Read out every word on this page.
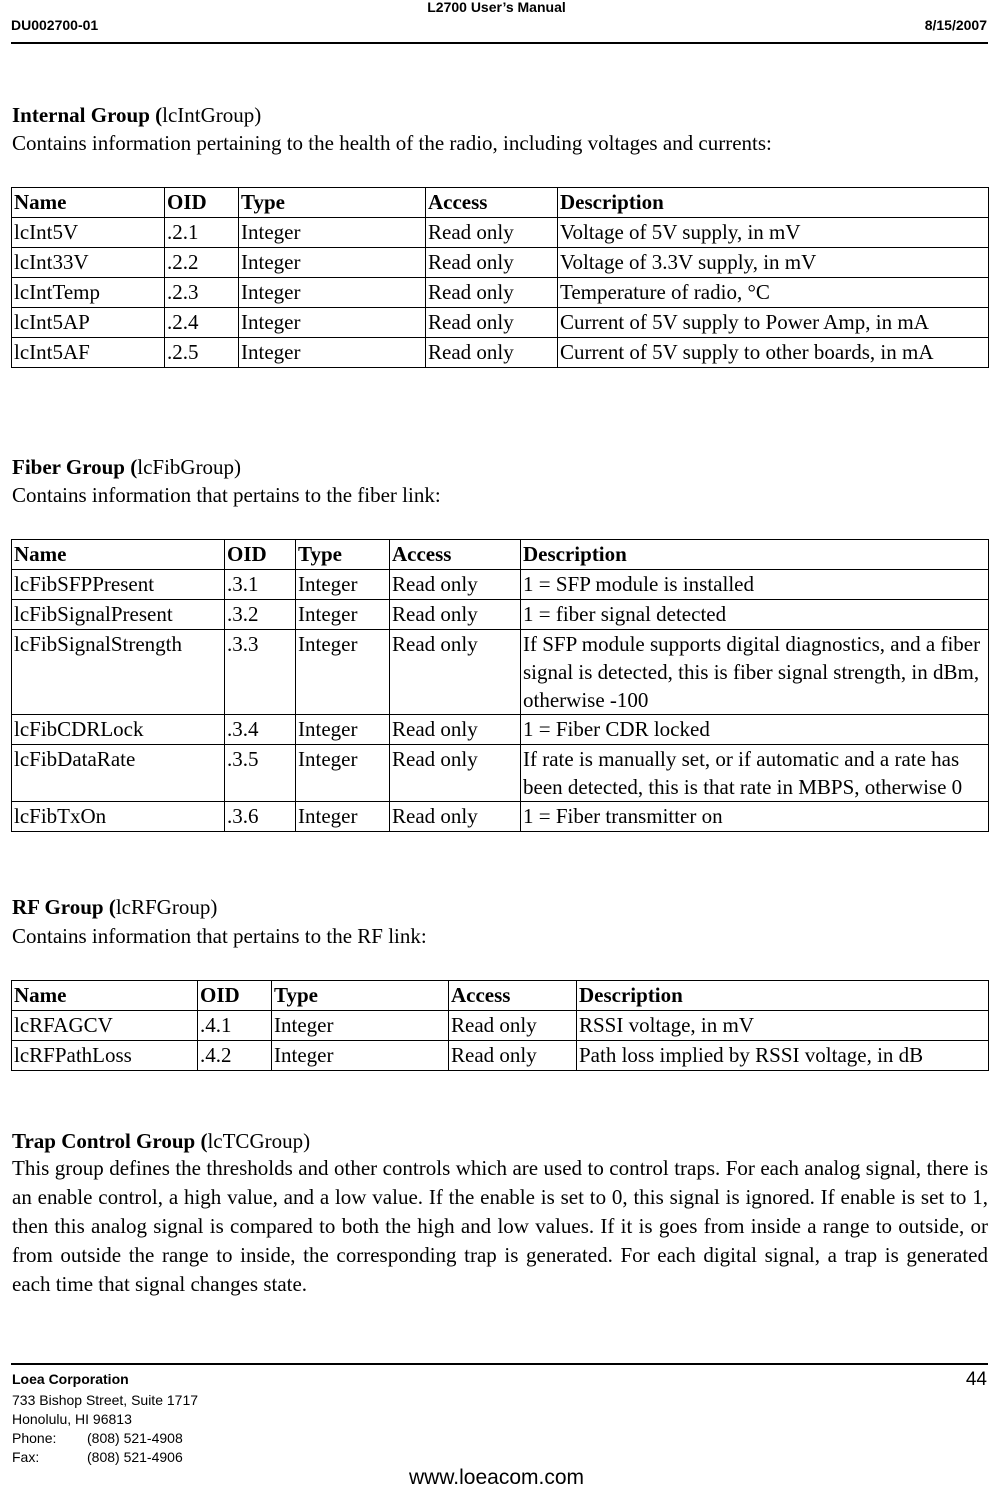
DU002700-01
L2700 User’s Manual
8/15/2007
Internal Group (lcIntGroup)
Contains information pertaining to the health of the radio, including voltages and currents:
Name	OID	Type	Access	Description
lcInt5V	.2.1	Integer	Read only	Voltage of 5V supply, in mV
lcInt33V	.2.2	Integer	Read only	Voltage of 3.3V supply, in mV
lcIntTemp	.2.3	Integer	Read only	Temperature of radio, °C
lcInt5AP	.2.4	Integer	Read only	Current of 5V supply to Power Amp, in mA
lcInt5AF	.2.5	Integer	Read only	Current of 5V supply to other boards, in mA
Fiber Group (lcFibGroup)
Contains information that pertains to the fiber link:
Name	OID	Type	Access	Description
lcFibSFPPresent	.3.1	Integer	Read only	1 = SFP module is installed
lcFibSignalPresent	.3.2	Integer	Read only	1 = fiber signal detected
lcFibSignalStrength	.3.3	Integer	Read only	If SFP module supports digital diagnostics, and a fiber signal is detected, this is fiber signal strength, in dBm, otherwise -100
lcFibCDRLock	.3.4	Integer	Read only	1 = Fiber CDR locked
lcFibDataRate	.3.5	Integer	Read only	If rate is manually set, or if automatic and a rate has been detected, this is that rate in MBPS, otherwise 0
lcFibTxOn	.3.6	Integer	Read only	1 = Fiber transmitter on
RF Group (lcRFGroup)
Contains information that pertains to the RF link:
Name	OID	Type	Access	Description
lcRFAGCV	.4.1	Integer	Read only	RSSI voltage, in mV
lcRFPathLoss	.4.2	Integer	Read only	Path loss implied by RSSI voltage, in dB
Trap Control Group (lcTCGroup)
This group defines the thresholds and other controls which are used to control traps. For each analog signal, there is an enable control, a high value, and a low value. If the enable is set to 0, this signal is ignored. If enable is set to 1, then this analog signal is compared to both the high and low values. If it is goes from inside a range to outside, or from outside the range to inside, the corresponding trap is generated. For each digital signal, a trap is generated each time that signal changes state.
Loea Corporation
733 Bishop Street, Suite 1717
Honolulu, HI 96813
Phone: (808) 521-4908
Fax:	(808) 521-4906
44
www.loeacom.com
